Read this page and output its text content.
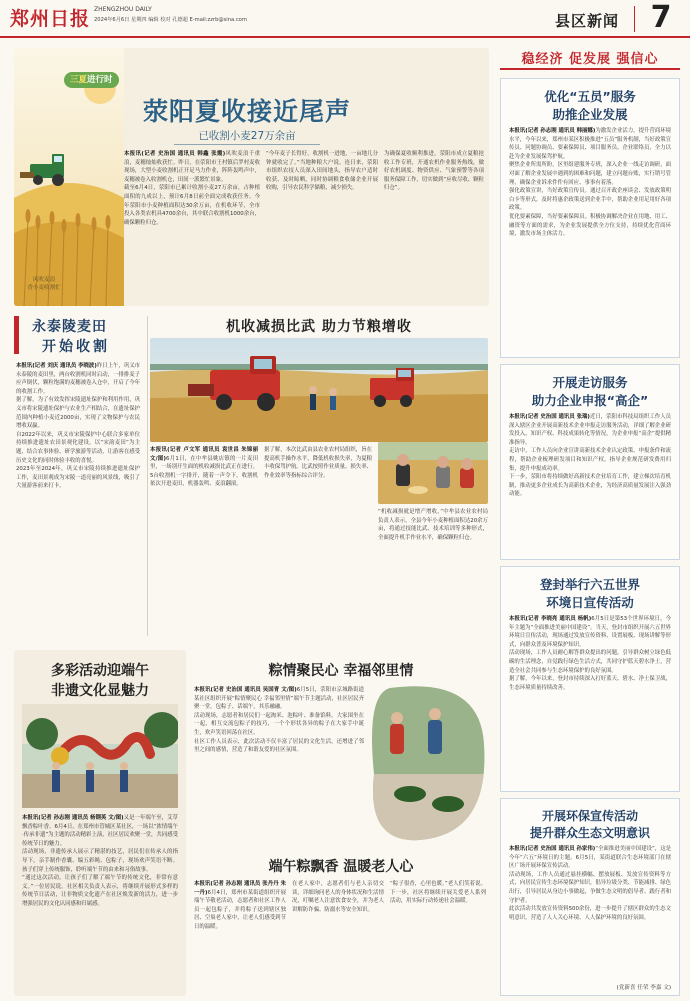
郑州日报 ZHENGZHOU DAILY
2024年6月6日 星期四 编辑 校对 孔德超 E-mail:zzrb@sina.com	县区新闻	7
三夏进行时
风吹麦浪
香小麦收割忙
荥阳夏收接近尾声
已收割小麦27万余亩
本报讯(记者 史治国 通讯员 韩鑫 张霞)风吹麦浪千重浪，麦穗灿灿收获忙。昨日，在荥阳市王村镇后罗村麦收现场，大型小麦收割机正开足马力作业，阵阵轰鸣声中，麦穗被卷入收割机仓，田间一派繁忙景象。
截至6月4日，荥阳市已累计收割小麦27万余亩，占种植面积的九成以上，预计6月8日前全面完成收获任务。今年荥阳市小麦种植面积达30余万亩，在机收环节，全市投入各类农机具4700余台，其中联合收割机1000余台，确保颗粒归仓。
“今年麦子长得好，收割机一进地，一亩地几分钟就收完了。”当地种粮大户说。连日来，荥阳市组织农技人员深入田间地头，指导农户适时收获、及时晾晒，同时协调粮食收储企业开展收购，引导农民科学储粮、减少损失。
为确保夏收顺利推进，荥阳市成立夏粮抢收工作专班，开通农机作业服务热线，做好农机调度、物资供应、气象预警等各项服务保障工作，切实做到“应收尽收、颗粒归仓”。
永泰陵麦田
开始收割
本报讯(记者 刘庆 通讯员 李晓波)昨日上午，巩义市永泰陵的麦田里，两台收割机同时启动，一排排麦子应声倒伏，颗粒饱满的麦穗被卷入仓中，开启了今年的收割工作。
据了解，为了有效发挥宋陵遗址保护和利用作用，巩义市将宋陵遗址保护与农业生产相结合，在遗址保护范围内种植小麦近2000亩，实现了文物保护与农民增收双赢。
自2022年以来，巩义市宋陵保护中心联合多家单位持续推进遗址农田景观化建设，以“宋韵麦田”为主题，结合农事体验、研学旅游等活动，让游客在感受历史文化的同时体验丰收的喜悦。
2023年至2024年，巩义市宋陵持续推进遗址保护工作，麦田景观成为宋陵一道亮丽的风景线，吸引了大量游客前来打卡。
机收减损比武 助力节粮增收
本报讯(记者 卢文军 通讯员 袁世昌 朱锦丽 文/图)6月1日，在中牟县姚店镇的一片麦田里，一场别开生面的机收减损比武正在进行。5台收割机一字排开，随着一声令下，收割机依次开进麦田，机器轰鸣、麦浪翻滚。
据了解，本次比武由县农业农村局组织，旨在提高机手操作水平，降低机收损失率，为夏粮丰收保驾护航。比武按照作业质量、损失率、作业效率等指标综合评分。
“机收减损就是增产增收，”中牟县农业农村局负责人表示，全县今年小麦种植面积达20余万亩，将通过技能比武、技术培训等多种形式，全面提升机手作业水平，确保颗粒归仓。
多彩活动迎端午
非遗文化显魅力
本报讯(记者 孙志刚 通讯员 杨钢英 文/图)又是一年端午至，艾草飘香粽叶香。6月4日，在郑州市管城区某社区，一场以“浓情端午·传承非遗”为主题的活动精彩上演，社区居民欢聚一堂，共同感受传统节日的魅力。
活动现场，非遗传承人展示了精湛的技艺，居民们在传承人的指导下，亲手制作香囊、编五彩绳、包粽子，现场欢声笑语不断。孩子们穿上传统服饰，聆听端午节的由来和习俗故事。
“通过这次活动，让孩子们了解了端午节的传统文化，非常有意义。”一位居民说。社区相关负责人表示，将继续开展形式多样的传统节日活动，让非物质文化遗产在社区焕发新的活力，进一步增强居民的文化认同感和归属感。
粽情聚民心 幸福邻里情
本报讯(记者 史治国 通讯员 吴国青 文/图)6月5日，荥阳市京城路街道某社区组织开展“粽情聚民心 幸福邻里情”端午节主题活动，社区居民齐聚一堂，包粽子、话端午，其乐融融。
活动现场，志愿者和居民们一起淘米、泡粽叶、准备馅料，大家围坐在一起，相互交流包粽子的技巧，一个个形状各异的粽子在大家手中诞生，欢声笑语回荡在社区。
社区工作人员表示，此次活动不仅丰富了居民的文化生活，还增进了邻里之间的感情，营造了和谐友爱的社区氛围。
端午粽飘香 温暖老人心
本报讯(记者 孙志刚 通讯员 张丹丹 朱一丹)6月4日，郑州市某街道组织开展端午节敬老活动，志愿者和社区工作人员一起包粽子，并将粽子送到辖区独居、空巢老人家中，让老人们感受到节日的温暖。
在老人家中，志愿者们与老人亲切交谈，详细询问老人的身体状况和生活情况，叮嘱老人注意饮食安全，并为老人讲解防诈骗、防溺水等安全知识。
“粽子很香，心里也暖。”老人们笑着说。下一步，社区将继续开展关爱老人系列活动，用实际行动传递社会温暖。
稳经济 促发展 强信心
优化“五员”服务
助推企业发展
本报讯(记者 孙志刚 通讯员 韩丽娜)为激发企业活力，提升营商环境水平，今年以来，郑州市某区积极推进“五员”服务机制，当好政策宣传员、问题协调员、要素保障员、项目服务员、企业联络员，全力以赴为企业发展保驾护航。
聚焦企业所需所盼，区里组建服务专班，深入企业一线走访调研，面对面了解企业发展中遇到的困难和问题，建立问题台账，实行销号管理，确保企业诉求件件有回应、事事有着落。
强化政策宣讲，当好政策宣传员。通过召开政企座谈会、发放政策明白卡等形式，及时将惠企政策送到企业手中，帮助企业用足用好各项政策。
优化要素保障，当好要素保障员。积极协调解决企业在用地、用工、融资等方面的需求，为企业发展提供全方位支持，持续优化营商环境，激发市场主体活力。
开展走访服务
助力企业申报“高企”
本报讯(记者 史治国 通讯员 张瑞)近日，荥阳市科技局组织工作人员深入辖区企业开展高新技术企业申报走访服务活动，详细了解企业研发投入、知识产权、科技成果转化等情况，为企业申报“高企”提供精准指导。
走访中，工作人员向企业宣讲高新技术企业认定政策、申报条件和流程，帮助企业梳理研发项目和知识产权，指导企业规范研发费用归集，提升申报成功率。
下一步，荥阳市将持续做好高新技术企业培育工作，建立梯次培育机制，推动更多企业成长为高新技术企业，为经济高质量发展注入强劲动能。
登封举行六五世界
环境日宣传活动
本报讯(记者 李晓亮 通讯员 杨帆)6月5日是第53个世界环境日，今年主题为“全面推进美丽中国建设”。当天，登封市组织开展六五世界环境日宣传活动，现场通过发放宣传资料、设置展板、现场讲解等形式，向群众普及环境保护知识。
活动现场，工作人员耐心解答群众提出的问题，引导群众树立绿色低碳的生活理念，自觉践行绿色生活方式，共同守护蓝天碧水净土，营造全社会共同参与生态环境保护的良好氛围。
据了解，今年以来，登封市持续深入打好蓝天、碧水、净土保卫战，生态环境质量持续改善。
开展环保宣传活动
提升群众生态文明意识
本报讯(记者 史治国 通讯员 孙家伟)“全面推进美丽中国建设”，这是今年“六五”环境日的主题。6月5日，某街道联合生态环境部门在辖区广场开展环保宣传活动。
活动现场，工作人员通过悬挂横幅、摆放展板、发放宣传资料等方式，向居民宣传生态环境保护知识，倡导垃圾分类、节能减排、绿色出行，引导居民从身边小事做起，争做生态文明的倡导者、践行者和守护者。
此次活动共发放宣传资料500余份，进一步提升了辖区群众的生态文明意识，营造了人人关心环境、人人保护环境的良好氛围。
(党新喜 任荣 李嘉 文)
